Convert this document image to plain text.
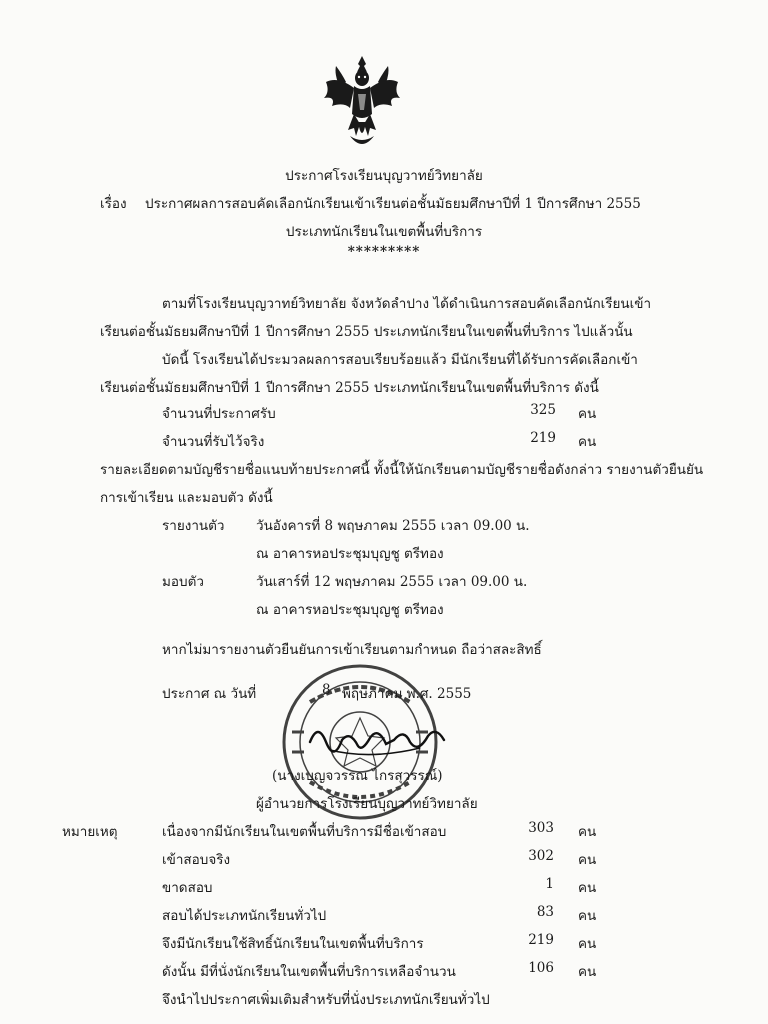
ประกาศโรงเรียนบุญวาทย์วิทยาลัย
เรื่อง ประกาศผลการสอบคัดเลือกนักเรียนเข้าเรียนต่อชั้นมัธยมศึกษาปีที่ 1 ปีการศึกษา 2555
ประเภทนักเรียนในเขตพื้นที่บริการ
*********
ตามที่โรงเรียนบุญวาทย์วิทยาลัย จังหวัดลำปาง ได้ดำเนินการสอบคัดเลือกนักเรียนเข้า
เรียนต่อชั้นมัธยมศึกษาปีที่ 1 ปีการศึกษา 2555 ประเภทนักเรียนในเขตพื้นที่บริการ ไปแล้วนั้น
บัดนี้ โรงเรียนได้ประมวลผลการสอบเรียบร้อยแล้ว มีนักเรียนที่ได้รับการคัดเลือกเข้า
เรียนต่อชั้นมัธยมศึกษาปีที่ 1 ปีการศึกษา 2555 ประเภทนักเรียนในเขตพื้นที่บริการ ดังนี้
จำนวนที่ประกาศรับ	325 คน
จำนวนที่รับไว้จริง	219 คน
รายละเอียดตามบัญชีรายชื่อแนบท้ายประกาศนี้ ทั้งนี้ให้นักเรียนตามบัญชีรายชื่อดังกล่าว รายงานตัวยืนยัน
การเข้าเรียน และมอบตัว ดังนี้
รายงานตัว วันอังคารที่ 8 พฤษภาคม 2555 เวลา 09.00 น.
ณ อาคารหอประชุมบุญชู ตรีทอง
มอบตัว	วันเสาร์ที่ 12 พฤษภาคม 2555 เวลา 09.00 น.
ณ อาคารหอประชุมบุญชู ตรีทอง
หากไม่มารายงานตัวยืนยันการเข้าเรียนตามกำหนด ถือว่าสละสิทธิ์
ประกาศ ณ วันที่	8 พฤษภาคม พ.ศ. 2555
(นางเบญจวรรณ ไกรสุวรรณ์)
ผู้อำนวยการโรงเรียนบุญวาทย์วิทยาลัย
หมายเหตุ	เนื่องจากมีนักเรียนในเขตพื้นที่บริการมีชื่อเข้าสอบ	303 คน
เข้าสอบจริง	302 คน
ขาดสอบ	1 คน
สอบได้ประเภทนักเรียนทั่วไป	83 คน
จึงมีนักเรียนใช้สิทธิ์นักเรียนในเขตพื้นที่บริการ	219 คน
ดังนั้น มีที่นั่งนักเรียนในเขตพื้นที่บริการเหลือจำนวน	106 คน
จึงนำไปประกาศเพิ่มเติมสำหรับที่นั่งประเภทนักเรียนทั่วไป
